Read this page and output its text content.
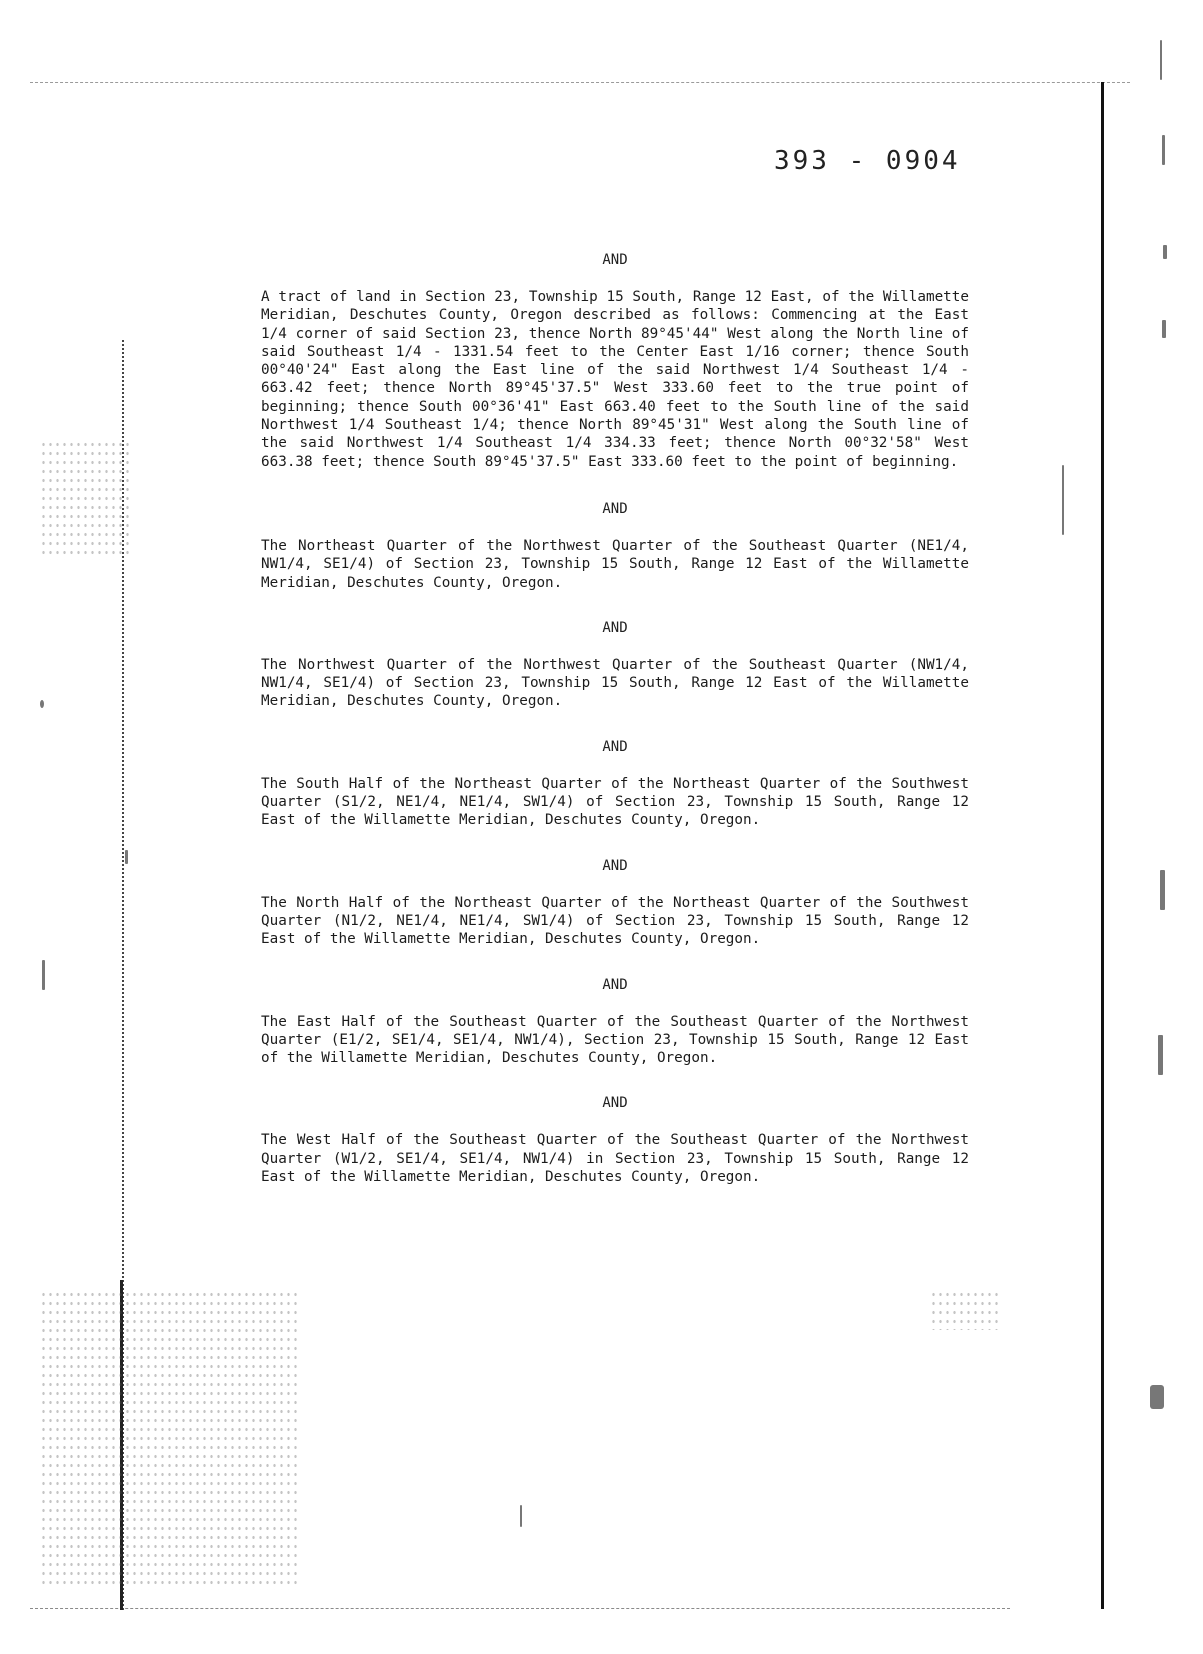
393 - 0904

AND

A tract of land in Section 23, Township 15 South, Range 12 East, of the Willamette Meridian, Deschutes County, Oregon described as follows: Commencing at the East 1/4 corner of said Section 23, thence North 89°45'44" West along the North line of said Southeast 1/4 - 1331.54 feet to the Center East 1/16 corner; thence South 00°40'24" East along the East line of the said Northwest 1/4 Southeast 1/4 - 663.42 feet; thence North 89°45'37.5" West 333.60 feet to the true point of beginning; thence South 00°36'41" East 663.40 feet to the South line of the said Northwest 1/4 Southeast 1/4; thence North 89°45'31" West along the South line of the said Northwest 1/4 Southeast 1/4 334.33 feet; thence North 00°32'58" West 663.38 feet; thence South 89°45'37.5" East 333.60 feet to the point of beginning.

AND

The Northeast Quarter of the Northwest Quarter of the Southeast Quarter (NE1/4, NW1/4, SE1/4) of Section 23, Township 15 South, Range 12 East of the Willamette Meridian, Deschutes County, Oregon.

AND

The Northwest Quarter of the Northwest Quarter of the Southeast Quarter (NW1/4, NW1/4, SE1/4) of Section 23, Township 15 South, Range 12 East of the Willamette Meridian, Deschutes County, Oregon.

AND

The South Half of the Northeast Quarter of the Northeast Quarter of the Southwest Quarter (S1/2, NE1/4, NE1/4, SW1/4) of Section 23, Township 15 South, Range 12 East of the Willamette Meridian, Deschutes County, Oregon.

AND

The North Half of the Northeast Quarter of the Northeast Quarter of the Southwest Quarter (N1/2, NE1/4, NE1/4, SW1/4) of Section 23, Township 15 South, Range 12 East of the Willamette Meridian, Deschutes County, Oregon.

AND

The East Half of the Southeast Quarter of the Southeast Quarter of the Northwest Quarter (E1/2, SE1/4, SE1/4, NW1/4), Section 23, Township 15 South, Range 12 East of the Willamette Meridian, Deschutes County, Oregon.

AND

The West Half of the Southeast Quarter of the Southeast Quarter of the Northwest Quarter (W1/2, SE1/4, SE1/4, NW1/4) in Section 23, Township 15 South, Range 12 East of the Willamette Meridian, Deschutes County, Oregon.
